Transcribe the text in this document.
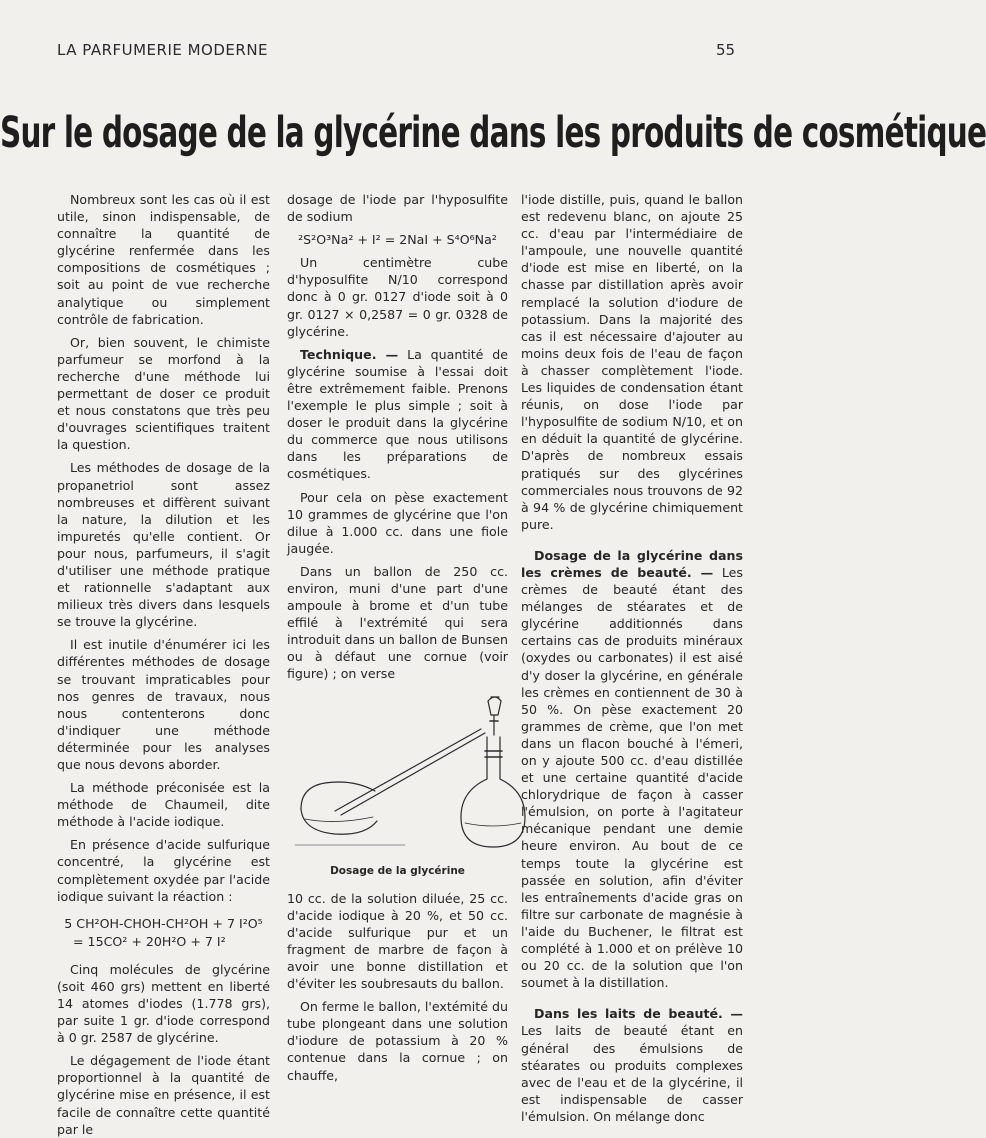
LA PARFUMERIE MODERNE	55
Sur le dosage de la glycérine dans les produits de cosmétique

Nombreux sont les cas où il est utile, sinon indispensable, de connaître la quantité de glycérine renfermée dans les compositions de cosmétiques ; soit au point de vue recherche analytique ou simplement contrôle de fabrication.

Or, bien souvent, le chimiste parfumeur se morfond à la recherche d'une méthode lui permettant de doser ce produit et nous constatons que très peu d'ouvrages scientifiques traitent la question.

Les méthodes de dosage de la propanetriol sont assez nombreuses et diffèrent suivant la nature, la dilution et les impuretés qu'elle contient. Or pour nous, parfumeurs, il s'agit d'utiliser une méthode pratique et rationnelle s'adaptant aux milieux très divers dans lesquels se trouve la glycérine.

Il est inutile d'énumérer ici les différentes méthodes de dosage se trouvant impraticables pour nos genres de travaux, nous nous contenterons donc d'indiquer une méthode déterminée pour les analyses que nous devons aborder.

La méthode préconisée est la méthode de Chaumeil, dite méthode à l'acide iodique.

En présence d'acide sulfurique concentré, la glycérine est complètement oxydée par l'acide iodique suivant la réaction :

5 CH²OH-CHOH-CH²OH + 7 I²O⁵
= 15CO² + 20H²O + 7 I²

Cinq molécules de glycérine (soit 460 grs) mettent en liberté 14 atomes d'iodes (1.778 grs), par suite 1 gr. d'iode correspond à 0 gr. 2587 de glycérine.

Le dégagement de l'iode étant proportionnel à la quantité de glycérine mise en présence, il est facile de connaître cette quantité par le

dosage de l'iode par l'hyposulfite de sodium

²S²O³Na² + I² = 2NaI + S⁴O⁶Na²

Un centimètre cube d'hyposulfite N/10 correspond donc à 0 gr. 0127 d'iode soit à 0 gr. 0127 × 0,2587 = 0 gr. 0328 de glycérine.

Technique. — La quantité de glycérine soumise à l'essai doit être extrêmement faible. Prenons l'exemple le plus simple ; soit à doser le produit dans la glycérine du commerce que nous utilisons dans les préparations de cosmétiques.

Pour cela on pèse exactement 10 grammes de glycérine que l'on dilue à 1.000 cc. dans une fiole jaugée.

Dans un ballon de 250 cc. environ, muni d'une part d'une ampoule à brome et d'un tube effilé à l'extrémité qui sera introduit dans un ballon de Bunsen ou à défaut une cornue (voir figure) ; on verse

Dosage de la glycérine

10 cc. de la solution diluée, 25 cc. d'acide iodique à 20 %, et 50 cc. d'acide sulfurique pur et un fragment de marbre de façon à avoir une bonne distillation et d'éviter les soubresauts du ballon.

On ferme le ballon, l'extémité du tube plongeant dans une solution d'iodure de potassium à 20 % contenue dans la cornue ; on chauffe,

l'iode distille, puis, quand le ballon est redevenu blanc, on ajoute 25 cc. d'eau par l'intermédiaire de l'ampoule, une nouvelle quantité d'iode est mise en liberté, on la chasse par distillation après avoir remplacé la solution d'iodure de potassium. Dans la majorité des cas il est nécessaire d'ajouter au moins deux fois de l'eau de façon à chasser complètement l'iode. Les liquides de condensation étant réunis, on dose l'iode par l'hyposulfite de sodium N/10, et on en déduit la quantité de glycérine. D'après de nombreux essais pratiqués sur des glycérines commerciales nous trouvons de 92 à 94 % de glycérine chimiquement pure.

Dosage de la glycérine dans les crèmes de beauté. — Les crèmes de beauté étant des mélanges de stéarates et de glycérine additionnés dans certains cas de produits minéraux (oxydes ou carbonates) il est aisé d'y doser la glycérine, en générale les crèmes en contiennent de 30 à 50 %. On pèse exactement 20 grammes de crème, que l'on met dans un flacon bouché à l'émeri, on y ajoute 500 cc. d'eau distillée et une certaine quantité d'acide chlorydrique de façon à casser l'émulsion, on porte à l'agitateur mécanique pendant une demie heure environ. Au bout de ce temps toute la glycérine est passée en solution, afin d'éviter les entraînements d'acide gras on filtre sur carbonate de magnésie à l'aide du Buchener, le filtrat est complété à 1.000 et on prélève 10 ou 20 cc. de la solution que l'on soumet à la distillation.

Dans les laits de beauté. — Les laits de beauté étant en général des émulsions de stéarates ou produits complexes avec de l'eau et de la glycérine, il est indispensable de casser l'émulsion. On mélange donc
